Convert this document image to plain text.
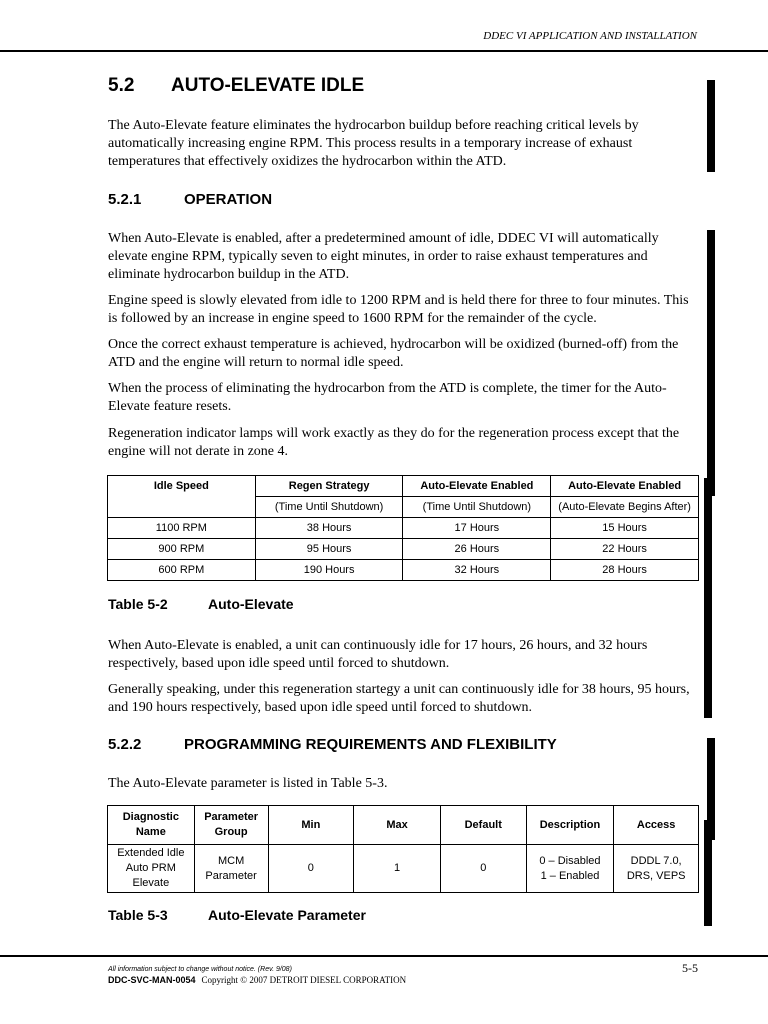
DDEC VI APPLICATION AND INSTALLATION
5.2 AUTO-ELEVATE IDLE

The Auto-Elevate feature eliminates the hydrocarbon buildup before reaching critical levels by automatically increasing engine RPM. This process results in a temporary increase of exhaust temperatures that effectively oxidizes the hydrocarbon within the ATD.

5.2.1	OPERATION

When Auto-Elevate is enabled, after a predetermined amount of idle, DDEC VI will automatically elevate engine RPM, typically seven to eight minutes, in order to raise exhaust temperatures and eliminate hydrocarbon buildup in the ATD.

Engine speed is slowly elevated from idle to 1200 RPM and is held there for three to four minutes. This is followed by an increase in engine speed to 1600 RPM for the remainder of the cycle.

Once the correct exhaust temperature is achieved, hydrocarbon will be oxidized (burned-off) from the ATD and the engine will return to normal idle speed.

When the process of eliminating the hydrocarbon from the ATD is complete, the timer for the Auto-Elevate feature resets.

Regeneration indicator lamps will work exactly as they do for the regeneration process except that the engine will not derate in zone 4.

Idle Speed	Regen Strategy	Auto-Elevate Enabled	Auto-Elevate Enabled
	(Time Until Shutdown)	(Time Until Shutdown)	(Auto-Elevate Begins After)
1100 RPM	38 Hours	17 Hours	15 Hours
900 RPM	95 Hours	26 Hours	22 Hours
600 RPM	190 Hours	32 Hours	28 Hours

Table 5-2	Auto-Elevate

When Auto-Elevate is enabled, a unit can continuously idle for 17 hours, 26 hours, and 32 hours respectively, based upon idle speed until forced to shutdown.

Generally speaking, under this regeneration startegy a unit can continuously idle for 38 hours, 95 hours, and 190 hours respectively, based upon idle speed until forced to shutdown.

5.2.2	PROGRAMMING REQUIREMENTS AND FLEXIBILITY

The Auto-Elevate parameter is listed in Table 5-3.

Diagnostic Name	Parameter Group	Min	Max	Default	Description	Access
Extended Idle Auto PRM Elevate	MCM Parameter	0	1	0	0 – Disabled 1 – Enabled	DDDL 7.0, DRS, VEPS

Table 5-3	Auto-Elevate Parameter

All information subject to change without notice. (Rev. 9/08)
DDC-SVC-MAN-0054 Copyright © 2007 DETROIT DIESEL CORPORATION
5-5
